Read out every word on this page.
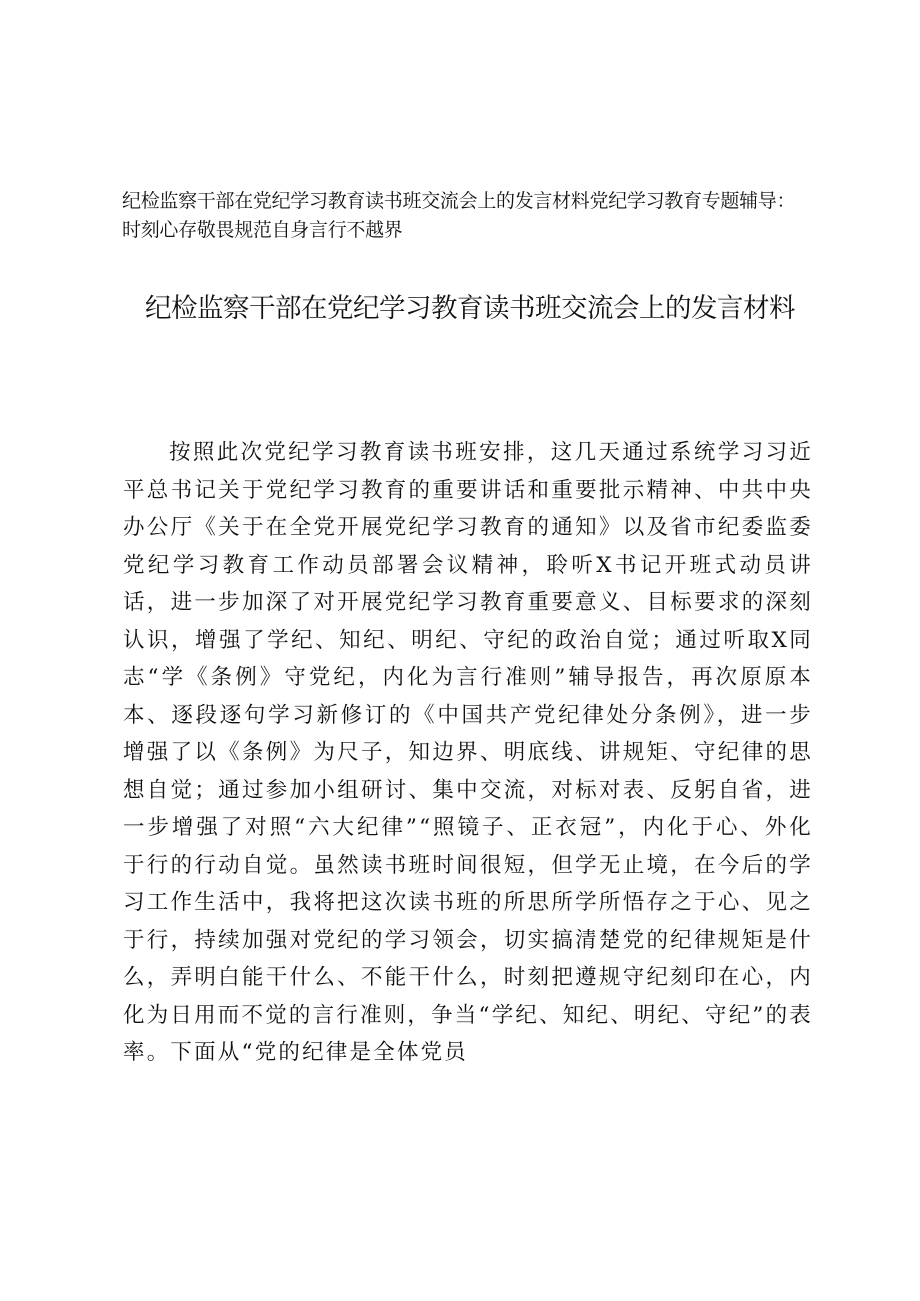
纪检监察干部在党纪学习教育读书班交流会上的发言材料党纪学习教育专题辅导：时刻心存敬畏规范自身言行不越界
纪检监察干部在党纪学习教育读书班交流会上的发言材料

按照此次党纪学习教育读书班安排，这几天通过系统学习习近平总书记关于党纪学习教育的重要讲话和重要批示精神、中共中央办公厅《关于在全党开展党纪学习教育的通知》以及省市纪委监委党纪学习教育工作动员部署会议精神，聆听X书记开班式动员讲话，进一步加深了对开展党纪学习教育重要意义、目标要求的深刻认识，增强了学纪、知纪、明纪、守纪的政治自觉；通过听取X同志“学《条例》守党纪，内化为言行准则”辅导报告，再次原原本本、逐段逐句学习新修订的《中国共产党纪律处分条例》，进一步增强了以《条例》为尺子，知边界、明底线、讲规矩、守纪律的思想自觉；通过参加小组研讨、集中交流，对标对表、反躬自省，进一步增强了对照“六大纪律”“照镜子、正衣冠”，内化于心、外化于行的行动自觉。虽然读书班时间很短，但学无止境，在今后的学习工作生活中，我将把这次读书班的所思所学所悟存之于心、见之于行，持续加强对党纪的学习领会，切实搞清楚党的纪律规矩是什么，弄明白能干什么、不能干什么，时刻把遵规守纪刻印在心，内化为日用而不觉的言行准则，争当“学纪、知纪、明纪、守纪”的表率。下面从“党的纪律是全体党员
